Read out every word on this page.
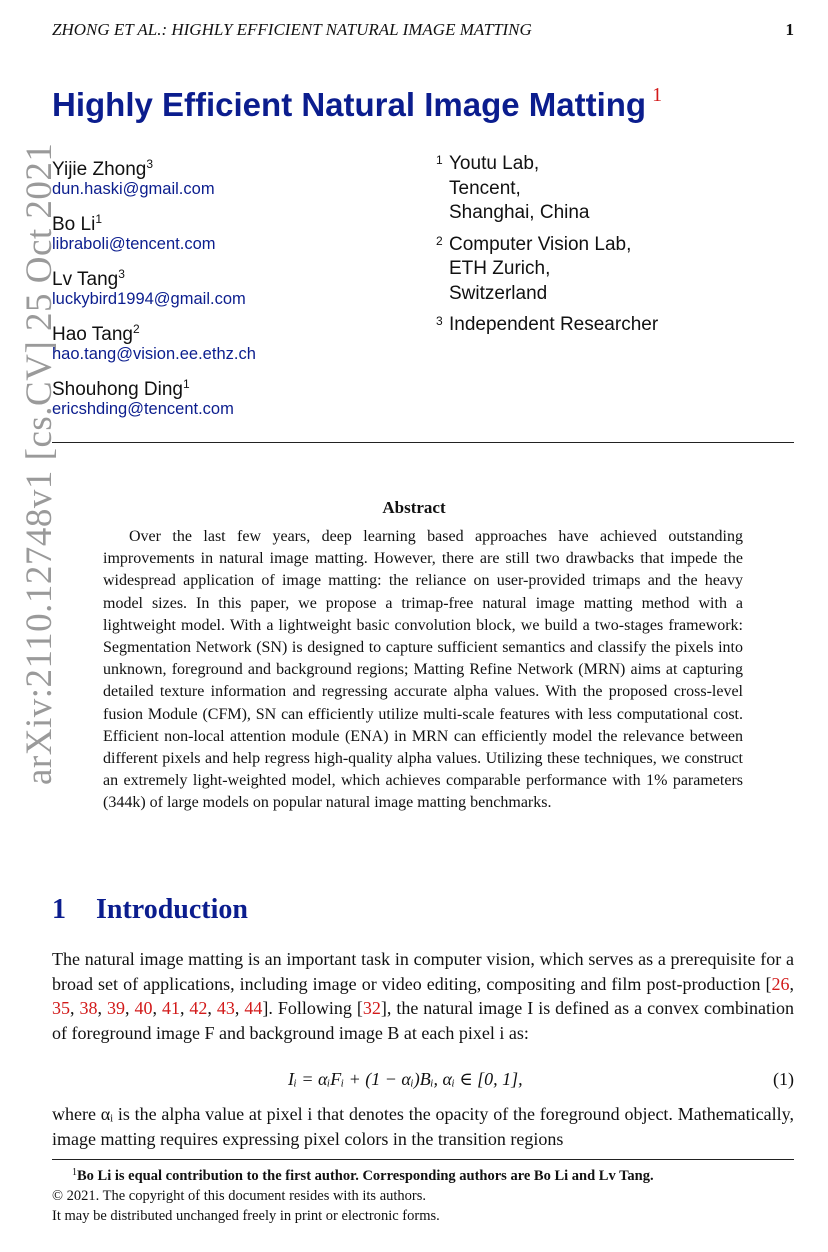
ZHONG ET AL.: HIGHLY EFFICIENT NATURAL IMAGE MATTING	1
arXiv:2110.12748v1 [cs.CV] 25 Oct 2021
Highly Efficient Natural Image Matting $^1$
Yijie Zhong$^3$
dun.haski@gmail.com
Bo Li$^1$
libraboli@tencent.com
Lv Tang$^3$
luckybird1994@gmail.com
Hao Tang$^2$
hao.tang@vision.ee.ethz.ch
Shouhong Ding$^1$
ericshding@tencent.com
1 Youtu Lab,
Tencent,
Shanghai, China
2 Computer Vision Lab,
ETH Zurich,
Switzerland
3 Independent Researcher
Abstract

Over the last few years, deep learning based approaches have achieved outstanding improvements in natural image matting. However, there are still two drawbacks that impede the widespread application of image matting: the reliance on user-provided trimaps and the heavy model sizes. In this paper, we propose a trimap-free natural image matting method with a lightweight model. With a lightweight basic convolution block, we build a two-stages framework: Segmentation Network (SN) is designed to capture sufficient semantics and classify the pixels into unknown, foreground and background regions; Matting Refine Network (MRN) aims at capturing detailed texture information and regressing accurate alpha values. With the proposed cross-level fusion Module (CFM), SN can efficiently utilize multi-scale features with less computational cost. Efficient non-local attention module (ENA) in MRN can efficiently model the relevance between different pixels and help regress high-quality alpha values. Utilizing these techniques, we construct an extremely light-weighted model, which achieves comparable performance with 1% parameters (344k) of large models on popular natural image matting benchmarks.

1 Introduction

The natural image matting is an important task in computer vision, which serves as a prerequisite for a broad set of applications, including image or video editing, compositing and film post-production [26, 35, 38, 39, 40, 41, 42, 43, 44]. Following [32], the natural image I is defined as a convex combination of foreground image F and background image B at each pixel i as:

Iᵢ = αᵢFᵢ + (1 − αᵢ)Bᵢ, αᵢ ∈ [0, 1],	(1)

where αᵢ is the alpha value at pixel i that denotes the opacity of the foreground object. Mathematically, image matting requires expressing pixel colors in the transition regions

$^1$Bo Li is equal contribution to the first author. Corresponding authors are Bo Li and Lv Tang.
© 2021. The copyright of this document resides with its authors.
It may be distributed unchanged freely in print or electronic forms.
